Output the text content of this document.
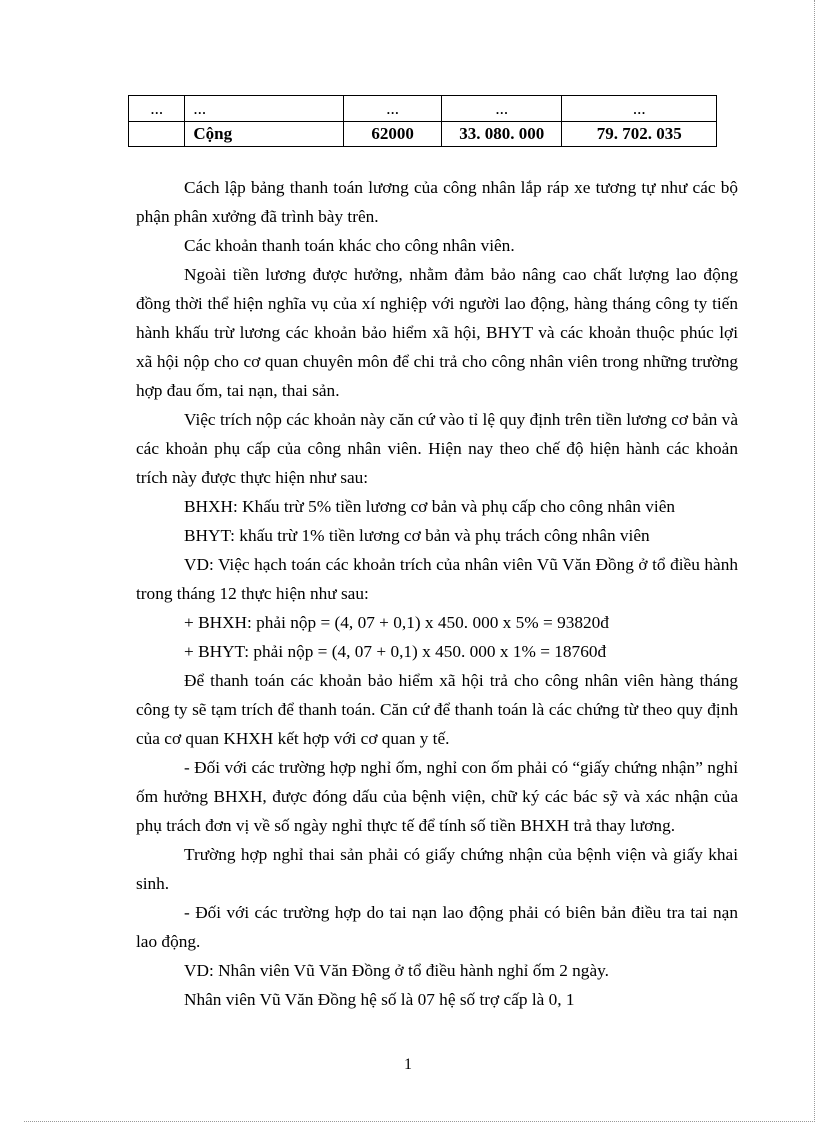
...	...	...	...	...
	Cộng	62000	33. 080. 000	79. 702. 035

Cách lập bảng thanh toán lương của công nhân lắp ráp xe tương tự như các bộ phận phân xưởng đã trình bày trên.

Các khoản thanh toán khác cho công nhân viên.

Ngoài tiền lương được hưởng, nhằm đảm bảo nâng cao chất lượng lao động đồng thời thể hiện nghĩa vụ của xí nghiệp với người lao động, hàng tháng công ty tiến hành khấu trừ lương các khoản bảo hiểm xã hội, BHYT và các khoản thuộc phúc lợi xã hội nộp cho cơ quan chuyên môn để chi trả cho công nhân viên trong những trường hợp đau ốm, tai nạn, thai sản.

Việc trích nộp các khoản này căn cứ vào tỉ lệ quy định trên tiền lương cơ bản và các khoản phụ cấp của công nhân viên. Hiện nay theo chế độ hiện hành các khoản trích này được thực hiện như sau:

BHXH: Khấu trừ 5% tiền lương cơ bản và phụ cấp cho công nhân viên

BHYT: khấu trừ 1% tiền lương cơ bản và phụ trách công nhân viên

VD: Việc hạch toán các khoản trích của nhân viên Vũ Văn Đồng ở tổ điều hành trong tháng 12 thực hiện như sau:

+ BHXH: phải nộp = (4, 07 + 0,1) x 450. 000 x 5% = 93820đ

+ BHYT: phải nộp = (4, 07 + 0,1) x 450. 000 x 1% = 18760đ

Để thanh toán các khoản bảo hiểm xã hội trả cho công nhân viên hàng tháng công ty sẽ tạm trích để thanh toán. Căn cứ để thanh toán là các chứng từ theo quy định của cơ quan KHXH kết hợp với cơ quan y tế.

- Đối với các trường hợp nghỉ ốm, nghỉ con ốm phải có “giấy chứng nhận” nghỉ ốm hưởng BHXH, được đóng dấu của bệnh viện, chữ ký các bác sỹ và xác nhận của phụ trách đơn vị về số ngày nghỉ thực tế để tính số tiền BHXH trả thay lương.

Trường hợp nghỉ thai sản phải có giấy chứng nhận của bệnh viện và giấy khai sinh.

- Đối với các trường hợp do tai nạn lao động phải có biên bản điều tra tai nạn lao động.

VD: Nhân viên Vũ Văn Đồng ở tổ điều hành nghỉ ốm 2 ngày.

Nhân viên Vũ Văn Đồng hệ số là 07 hệ số trợ cấp là 0, 1

1
